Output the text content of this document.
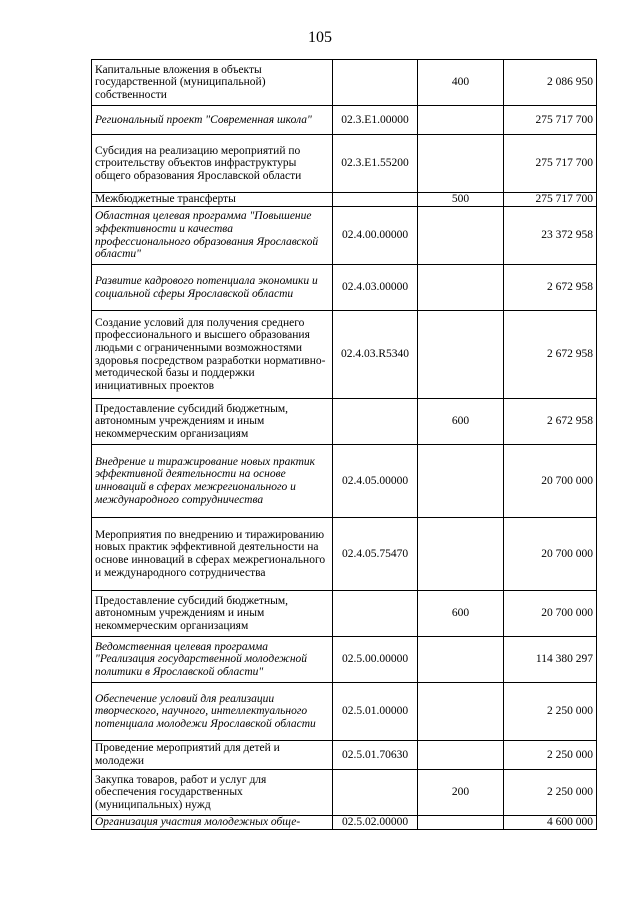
105
Капитальные вложения в объекты государственной (муниципальной) собственности		400	2 086 950
Региональный проект "Современная школа"	02.3.E1.00000		275 717 700
Субсидия на реализацию мероприятий по строительству объектов инфраструктуры общего образования Ярославской области	02.3.E1.55200		275 717 700
Межбюджетные трансферты		500	275 717 700
Областная целевая программа "Повышение эффективности и качества профессионального образования Ярославской области"	02.4.00.00000		23 372 958
Развитие кадрового потенциала экономики и социальной сферы Ярославской области	02.4.03.00000		2 672 958
Создание условий для получения среднего профессионального и высшего образования людьми с ограниченными возможностями здоровья посредством разработки нормативно-методической базы и поддержки инициативных проектов	02.4.03.R5340		2 672 958
Предоставление субсидий бюджетным, автономным учреждениям и иным некоммерческим организациям		600	2 672 958
Внедрение и тиражирование новых практик эффективной деятельности на основе инноваций в сферах межрегионального и международного сотрудничества	02.4.05.00000		20 700 000
Мероприятия по внедрению и тиражированию новых практик эффективной деятельности на основе инноваций в сферах межрегионального и международного сотрудничества	02.4.05.75470		20 700 000
Предоставление субсидий бюджетным, автономным учреждениям и иным некоммерческим организациям		600	20 700 000
Ведомственная целевая программа "Реализация государственной молодежной политики в Ярославской области"	02.5.00.00000		114 380 297
Обеспечение условий для реализации творческого, научного, интеллектуального потенциала молодежи Ярославской области	02.5.01.00000		2 250 000
Проведение мероприятий для детей и молодежи	02.5.01.70630		2 250 000
Закупка товаров, работ и услуг для обеспечения государственных (муниципальных) нужд		200	2 250 000
Организация участия молодежных обще-	02.5.02.00000		4 600 000
